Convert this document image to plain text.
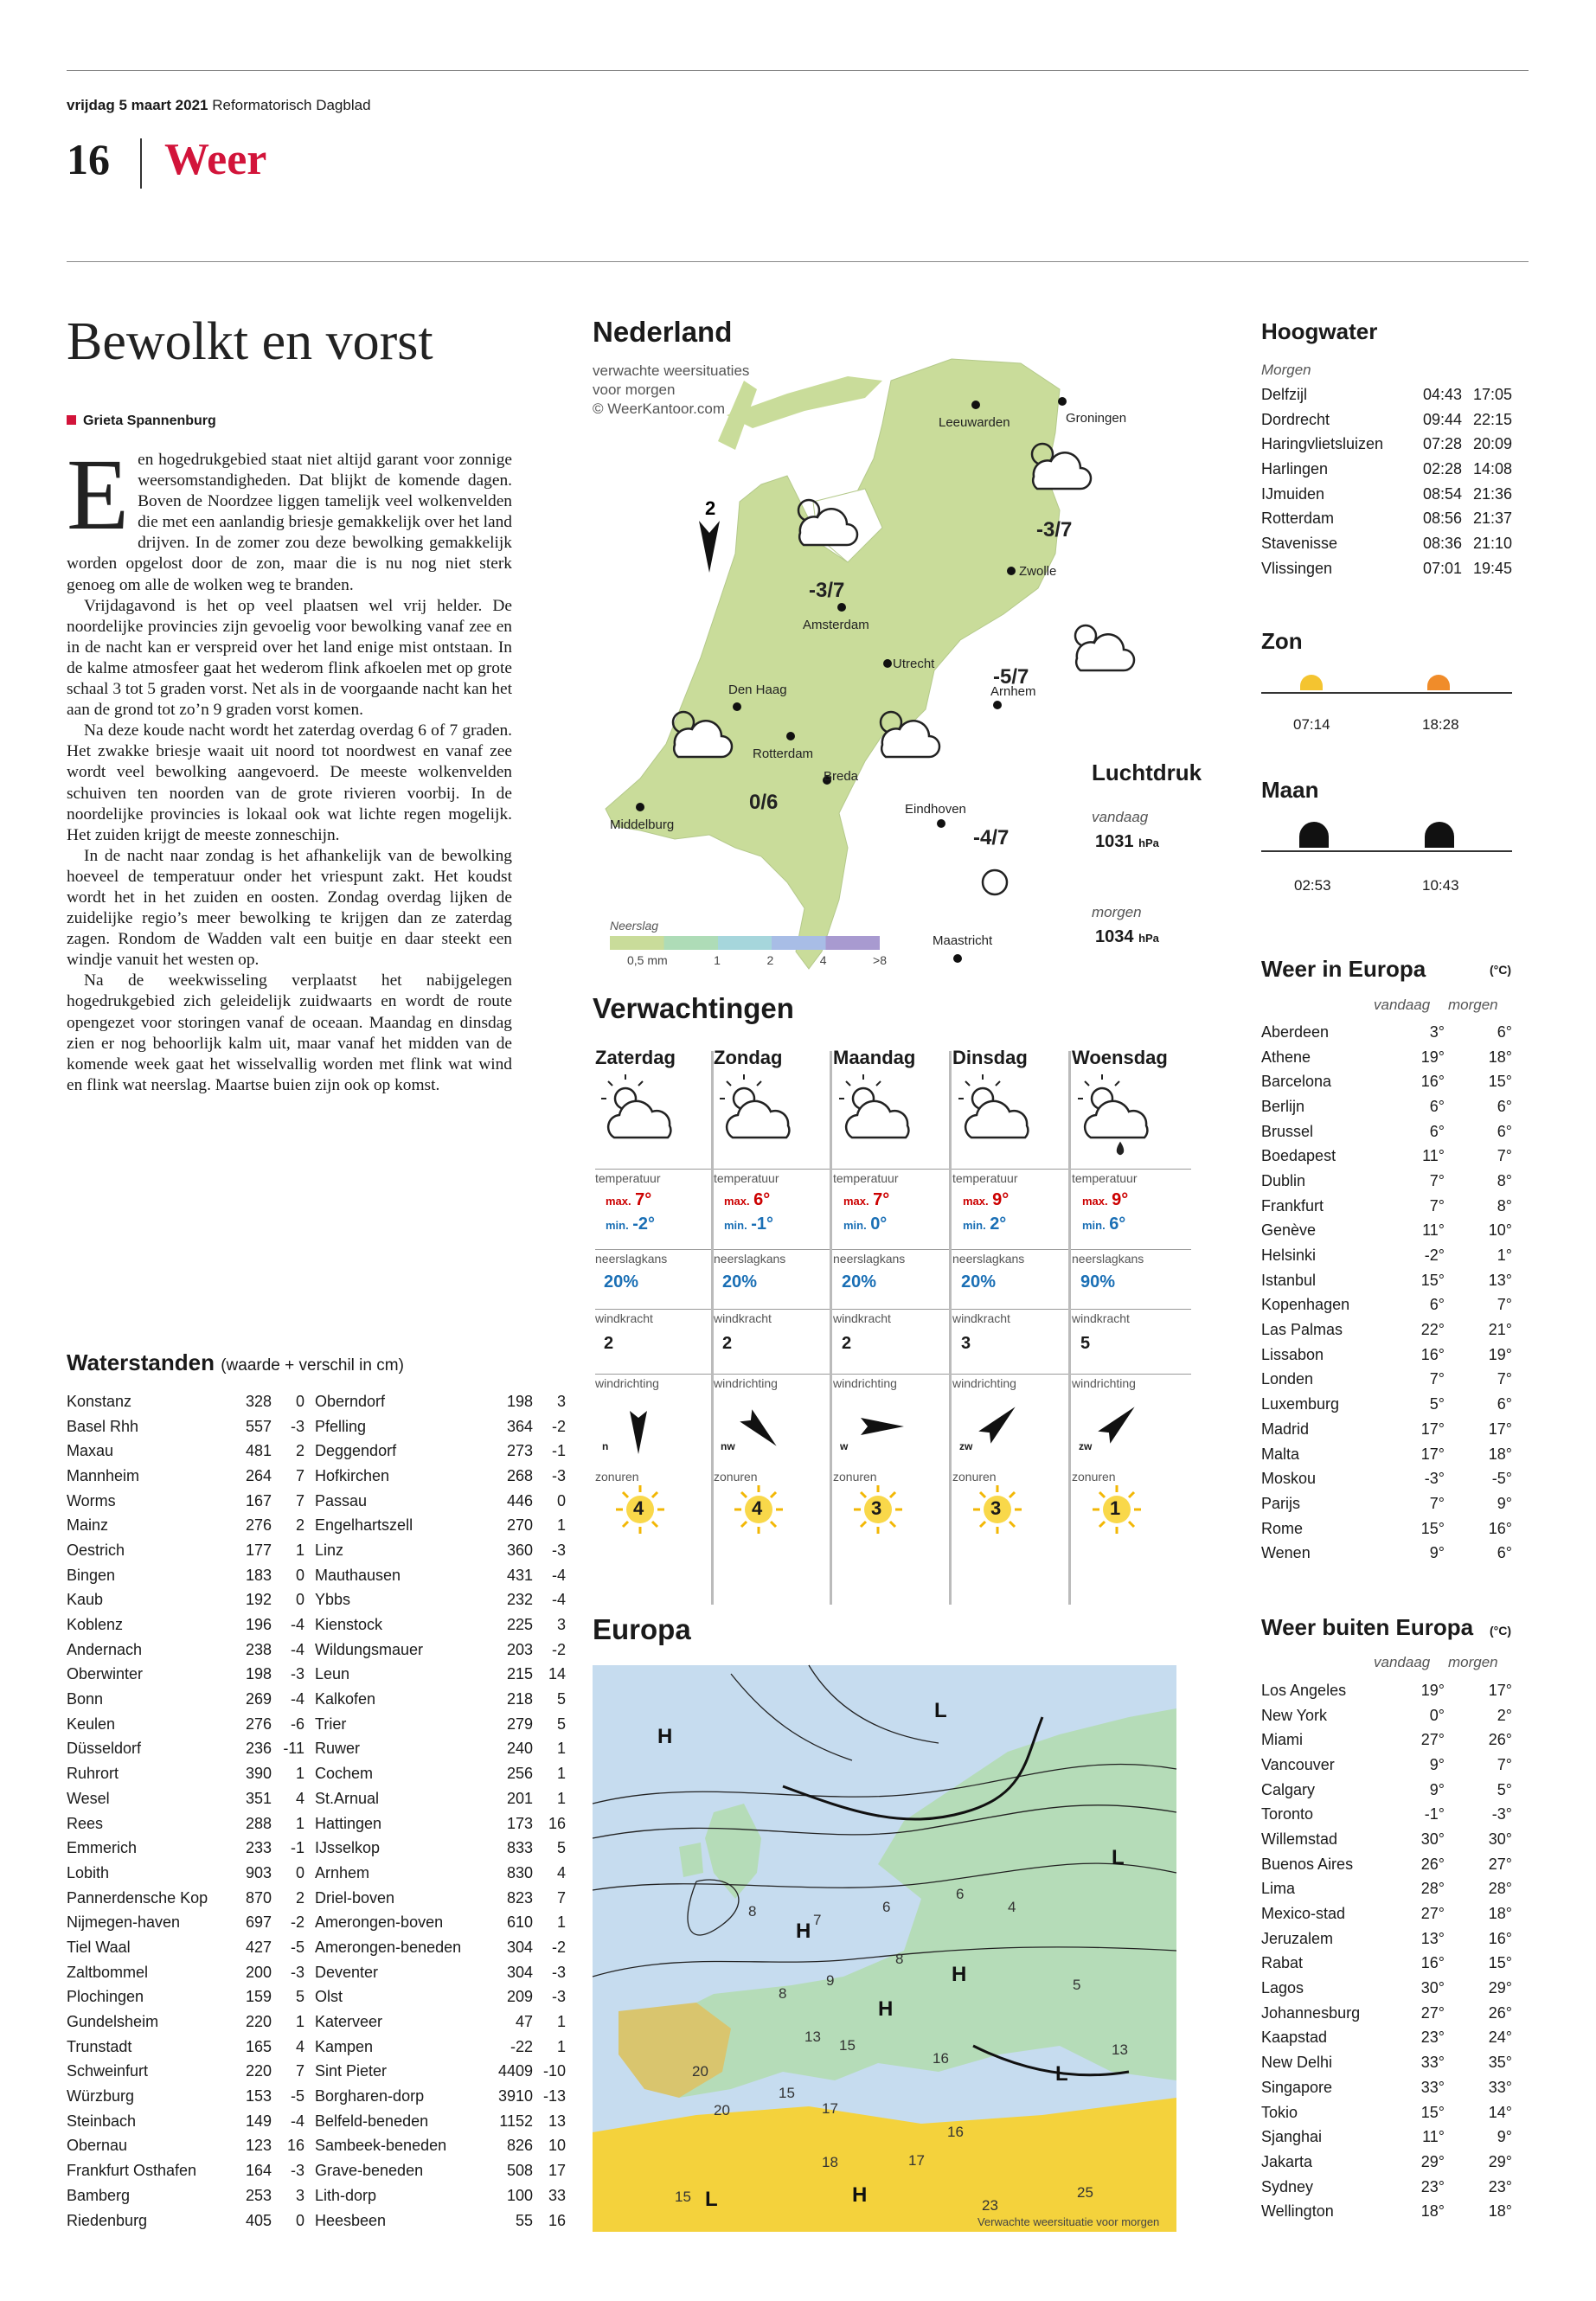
vrijdag 5 maart 2021 Reformatorisch Dagblad
16 Weer
Bewolkt en vorst
Grieta Spannenburg
E en hogedrukgebied staat niet altijd garant voor zonnige weersomstandigheden. Dat blijkt de komende dagen. Boven de Noordzee liggen tamelijk veel wolkenvelden die met een aanlandig briesje gemakkelijk over het land drijven. In de zomer zou deze bewolking gemakkelijk worden opgelost door de zon, maar die is nu nog niet sterk genoeg om alle de wolken weg te branden.

Vrijdagavond is het op veel plaatsen wel vrij helder. De noordelijke provincies zijn gevoelig voor bewolking vanaf zee en in de nacht kan er verspreid over het land enige mist ontstaan. In de kalme atmosfeer gaat het wederom flink afkoelen met op grote schaal 3 tot 5 graden vorst. Net als in de voorgaande nacht kan het aan de grond tot zo’n 9 graden vorst komen.

Na deze koude nacht wordt het zaterdag overdag 6 of 7 graden. Het zwakke briesje waait uit noord tot noordwest en vanaf zee wordt veel bewolking aangevoerd. De meeste wolkenvelden schuiven ten noorden van de grote rivieren voorbij. In de noordelijke provincies is lokaal ook wat lichte regen mogelijk. Het zuiden krijgt de meeste zonneschijn.

In de nacht naar zondag is het afhankelijk van de bewolking hoeveel de temperatuur onder het vriespunt zakt. Het koudst wordt het in het zuiden en oosten. Zondag overdag lijken de zuidelijke regio’s meer bewolking te krijgen dan ze zaterdag zagen. Rondom de Wadden valt een buitje en daar steekt een windje vanuit het westen op.

Na de weekwisseling verplaatst het nabijgelegen hogedrukgebied zich geleidelijk zuidwaarts en wordt de route opengezet voor storingen vanaf de oceaan. Maandag en dinsdag zien er nog behoorlijk kalm uit, maar vanaf het midden van de komende week gaat het wisselvallig worden met flink wat wind en flink wat neerslag. Maartse buien zijn ook op komst.

Waterstanden (waarde + verschil in cm)
Konstanz	328	0
Basel Rhh	557	-3
Maxau	481	2
Mannheim	264	7
Worms	167	7
Mainz	276	2
Oestrich	177	1
Bingen	183	0
Kaub	192	0
Koblenz	196	-4
Andernach	238	-4
Oberwinter	198	-3
Bonn	269	-4
Keulen	276	-6
Düsseldorf	236	-11
Ruhrort	390	1
Wesel	351	4
Rees	288	1
Emmerich	233	-1
Lobith	903	0
Pannerdensche Kop	870	2
Nijmegen-haven	697	-2
Tiel Waal	427	-5
Zaltbommel	200	-3
Plochingen	159	5
Gundelsheim	220	1
Trunstadt	165	4
Schweinfurt	220	7
Würzburg	153	-5
Steinbach	149	-4
Obernau	123	16
Frankfurt Osthafen	164	-3
Bamberg	253	3
Riedenburg	405	0
Oberndorf	198	3
Pfelling	364	-2
Deggendorf	273	-1
Hofkirchen	268	-3
Passau	446	0
Engelhartszell	270	1
Linz	360	-3
Mauthausen	431	-4
Ybbs	232	-4
Kienstock	225	3
Wildungsmauer	203	-2
Leun	215	14
Kalkofen	218	5
Trier	279	5
Ruwer	240	1
Cochem	256	1
St.Arnual	201	1
Hattingen	173	16
IJsselkop	833	5
Arnhem	830	4
Driel-boven	823	7
Amerongen-boven	610	1
Amerongen-beneden	304	-2
Deventer	304	-3
Olst	209	-3
Katerveer	47	1
Kampen	-22	1
Sint Pieter	4409	-10
Borgharen-dorp	3910	-13
Belfeld-beneden	1152	13
Sambeek-beneden	826	10
Grave-beneden	508	17
Lith-dorp	100	33
Heesbeen	55	16
Nederland
verwachte weersituaties
voor morgen
© WeerKantoor.com
Leeuwarden	Groningen
Zwolle
Amsterdam
Utrecht
Den Haag	Arnhem
Rotterdam
Breda
Middelburg
Eindhoven
Maastricht
-3/7
-3/7
-5/7
0/6
-4/7
2
Neerslag
0,5 mm	1	2	4	>8
Luchtdruk
vandaag
1031 hPa
morgen
1034 hPa
Verwachtingen
Zaterdag
temperatuur
max. 7°
min. -2°
neerslagkans
20%
windkracht
2
windrichting
n
zonuren
4
Zondag
temperatuur
max. 6°
min. -1°
neerslagkans
20%
windkracht
2
windrichting
nw
zonuren
4
Maandag
temperatuur
max. 7°
min. 0°
neerslagkans
20%
windkracht
2
windrichting
w
zonuren
3
Dinsdag
temperatuur
max. 9°
min. 2°
neerslagkans
20%
windkracht
3
windrichting
zw
zonuren
3
Woensdag
temperatuur
max. 9°
min. 6°
neerslagkans
90%
windkracht
5
windrichting
zw
zonuren
1
Europa
H
L
H
L
H
H
L
L	H
8
7
6
6
4
8
9
8
5
13
15
16
13
20
15
20	17
18	17
16
15	25
23
Verwachte weersituatie voor morgen
Hoogwater
Morgen
Delfzijl	04:43	17:05
Dordrecht	09:44	22:15
Haringvlietsluizen	07:28	20:09
Harlingen	02:28	14:08
IJmuiden	08:54	21:36
Rotterdam	08:56	21:37
Stavenisse	08:36	21:10
Vlissingen	07:01	19:45
Zon
07:14	18:28
Maan
02:53	10:43
Weer in Europa	(°C)
vandaag morgen
Aberdeen	3°	6°
Athene	19°	18°
Barcelona	16°	15°
Berlijn	6°	6°
Brussel	6°	6°
Boedapest	11°	7°
Dublin	7°	8°
Frankfurt	7°	8°
Genève	11°	10°
Helsinki	-2°	1°
Istanbul	15°	13°
Kopenhagen	6°	7°
Las Palmas	22°	21°
Lissabon	16°	19°
Londen	7°	7°
Luxemburg	5°	6°
Madrid	17°	17°
Malta	17°	18°
Moskou	-3°	-5°
Parijs	7°	9°
Rome	15°	16°
Wenen	9°	6°
Weer buiten Europa (°C)
vandaag morgen
Los Angeles	19°	17°
New York	0°	2°
Miami	27°	26°
Vancouver	9°	7°
Calgary	9°	5°
Toronto	-1°	-3°
Willemstad	30°	30°
Buenos Aires	26°	27°
Lima	28°	28°
Mexico-stad	27°	18°
Jeruzalem	13°	16°
Rabat	16°	15°
Lagos	30°	29°
Johannesburg	27°	26°
Kaapstad	23°	24°
New Delhi	33°	35°
Singapore	33°	33°
Tokio	15°	14°
Sjanghai	11°	9°
Jakarta	29°	29°
Sydney	23°	23°
Wellington	18°	18°
